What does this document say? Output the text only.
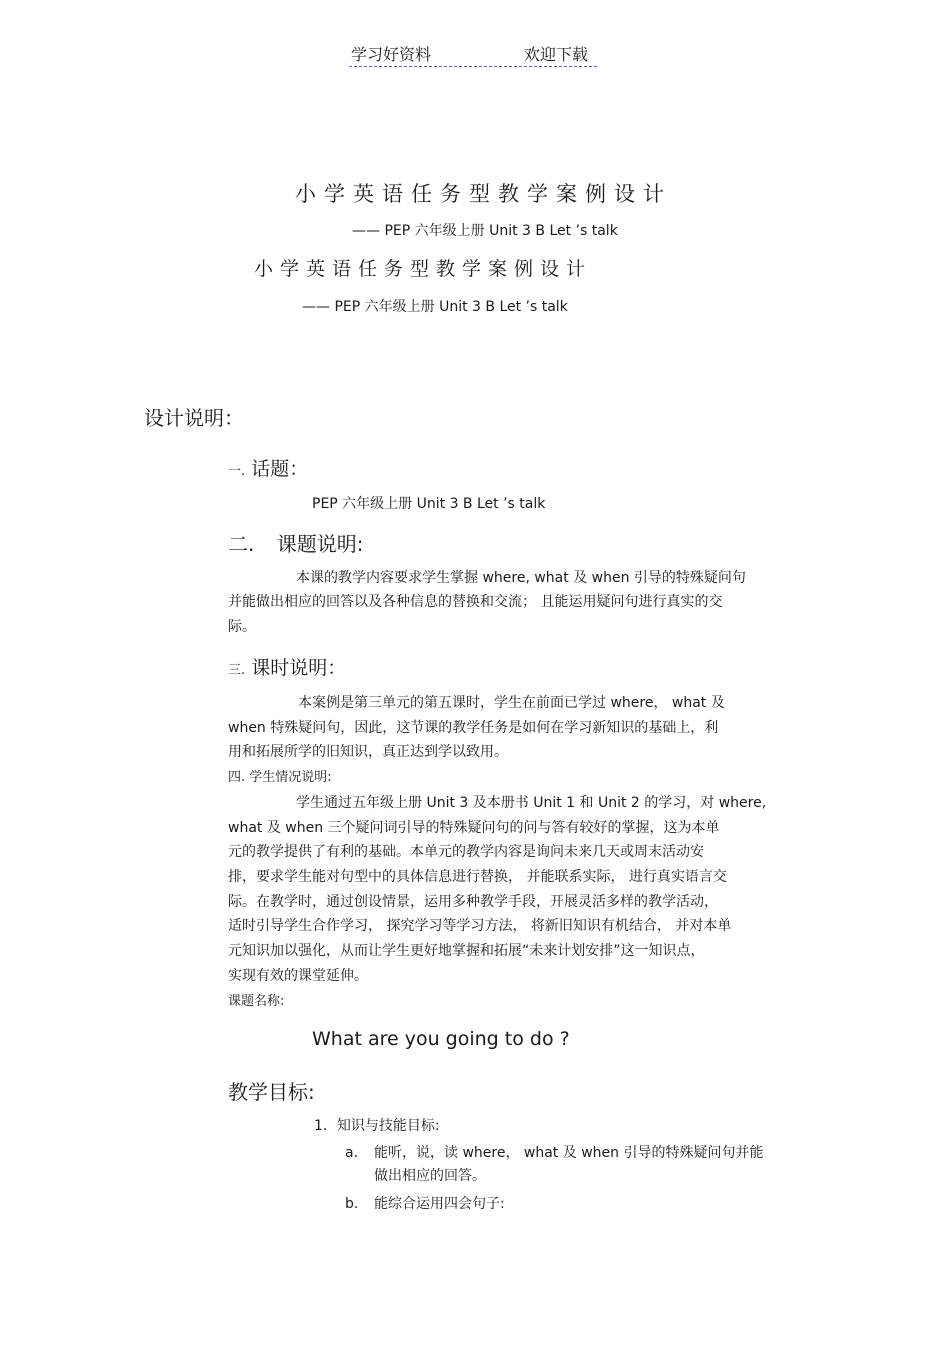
学习好资料	欢迎下载
小学英语任务型教学案例设计
—— PEP 六年级上册 Unit 3 B Let ’s talk
小学英语任务型教学案例设计
—— PEP 六年级上册 Unit 3 B Let ’s talk
设计说明：
一. 话题：
PEP 六年级上册 Unit 3 B Let ’s talk
二. 课题说明:
本课的教学内容要求学生掌握 where, what 及 when 引导的特殊疑问句
并能做出相应的回答以及各种信息的替换和交流； 且能运用疑问句进行真实的交
际。
三. 课时说明：
本案例是第三单元的第五课时，学生在前面已学过 where， what 及
when 特殊疑问句，因此，这节课的教学任务是如何在学习新知识的基础上，利
用和拓展所学的旧知识，真正达到学以致用。
四. 学生情况说明:
学生通过五年级上册 Unit 3 及本册书 Unit 1 和 Unit 2 的学习，对 where,
what 及 when 三个疑问词引导的特殊疑问句的问与答有较好的掌握，这为本单
元的教学提供了有利的基础。本单元的教学内容是询问未来几天或周末活动安
排，要求学生能对句型中的具体信息进行替换， 并能联系实际， 进行真实语言交
际。在教学时，通过创设情景，运用多种教学手段，开展灵活多样的教学活动，
适时引导学生合作学习， 探究学习等学习方法， 将新旧知识有机结合， 并对本单
元知识加以强化，从而让学生更好地掌握和拓展“未来计划安排”这一知识点，
实现有效的课堂延伸。
课题名称:
What are you going to do ?
教学目标:
1．知识与技能目标:
a. 能听，说，读 where， what 及 when 引导的特殊疑问句并能
做出相应的回答。
b. 能综合运用四会句子:
